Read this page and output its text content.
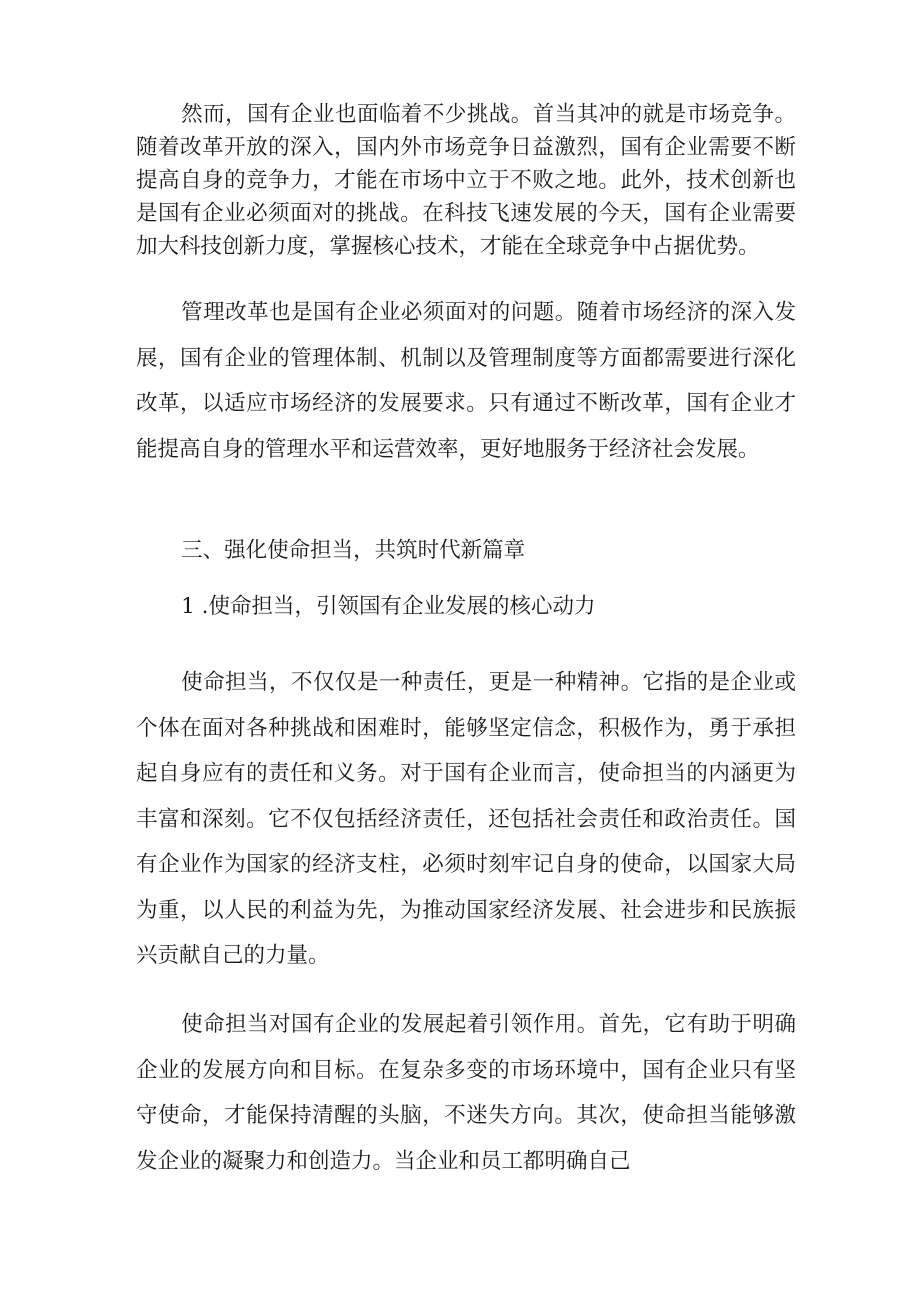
然而，国有企业也面临着不少挑战。首当其冲的就是市场竞争。随着改革开放的深入，国内外市场竞争日益激烈，国有企业需要不断提高自身的竞争力，才能在市场中立于不败之地。此外，技术创新也是国有企业必须面对的挑战。在科技飞速发展的今天，国有企业需要加大科技创新力度，掌握核心技术，才能在全球竞争中占据优势。

管理改革也是国有企业必须面对的问题。随着市场经济的深入发展，国有企业的管理体制、机制以及管理制度等方面都需要进行深化改革，以适应市场经济的发展要求。只有通过不断改革，国有企业才能提高自身的管理水平和运营效率，更好地服务于经济社会发展。

三、强化使命担当，共筑时代新篇章
1 .使命担当，引领国有企业发展的核心动力

使命担当，不仅仅是一种责任，更是一种精神。它指的是企业或个体在面对各种挑战和困难时，能够坚定信念，积极作为，勇于承担起自身应有的责任和义务。对于国有企业而言，使命担当的内涵更为丰富和深刻。它不仅包括经济责任，还包括社会责任和政治责任。国有企业作为国家的经济支柱，必须时刻牢记自身的使命，以国家大局为重，以人民的利益为先，为推动国家经济发展、社会进步和民族振兴贡献自己的力量。

使命担当对国有企业的发展起着引领作用。首先，它有助于明确企业的发展方向和目标。在复杂多变的市场环境中，国有企业只有坚守使命，才能保持清醒的头脑，不迷失方向。其次，使命担当能够激发企业的凝聚力和创造力。当企业和员工都明确自己
